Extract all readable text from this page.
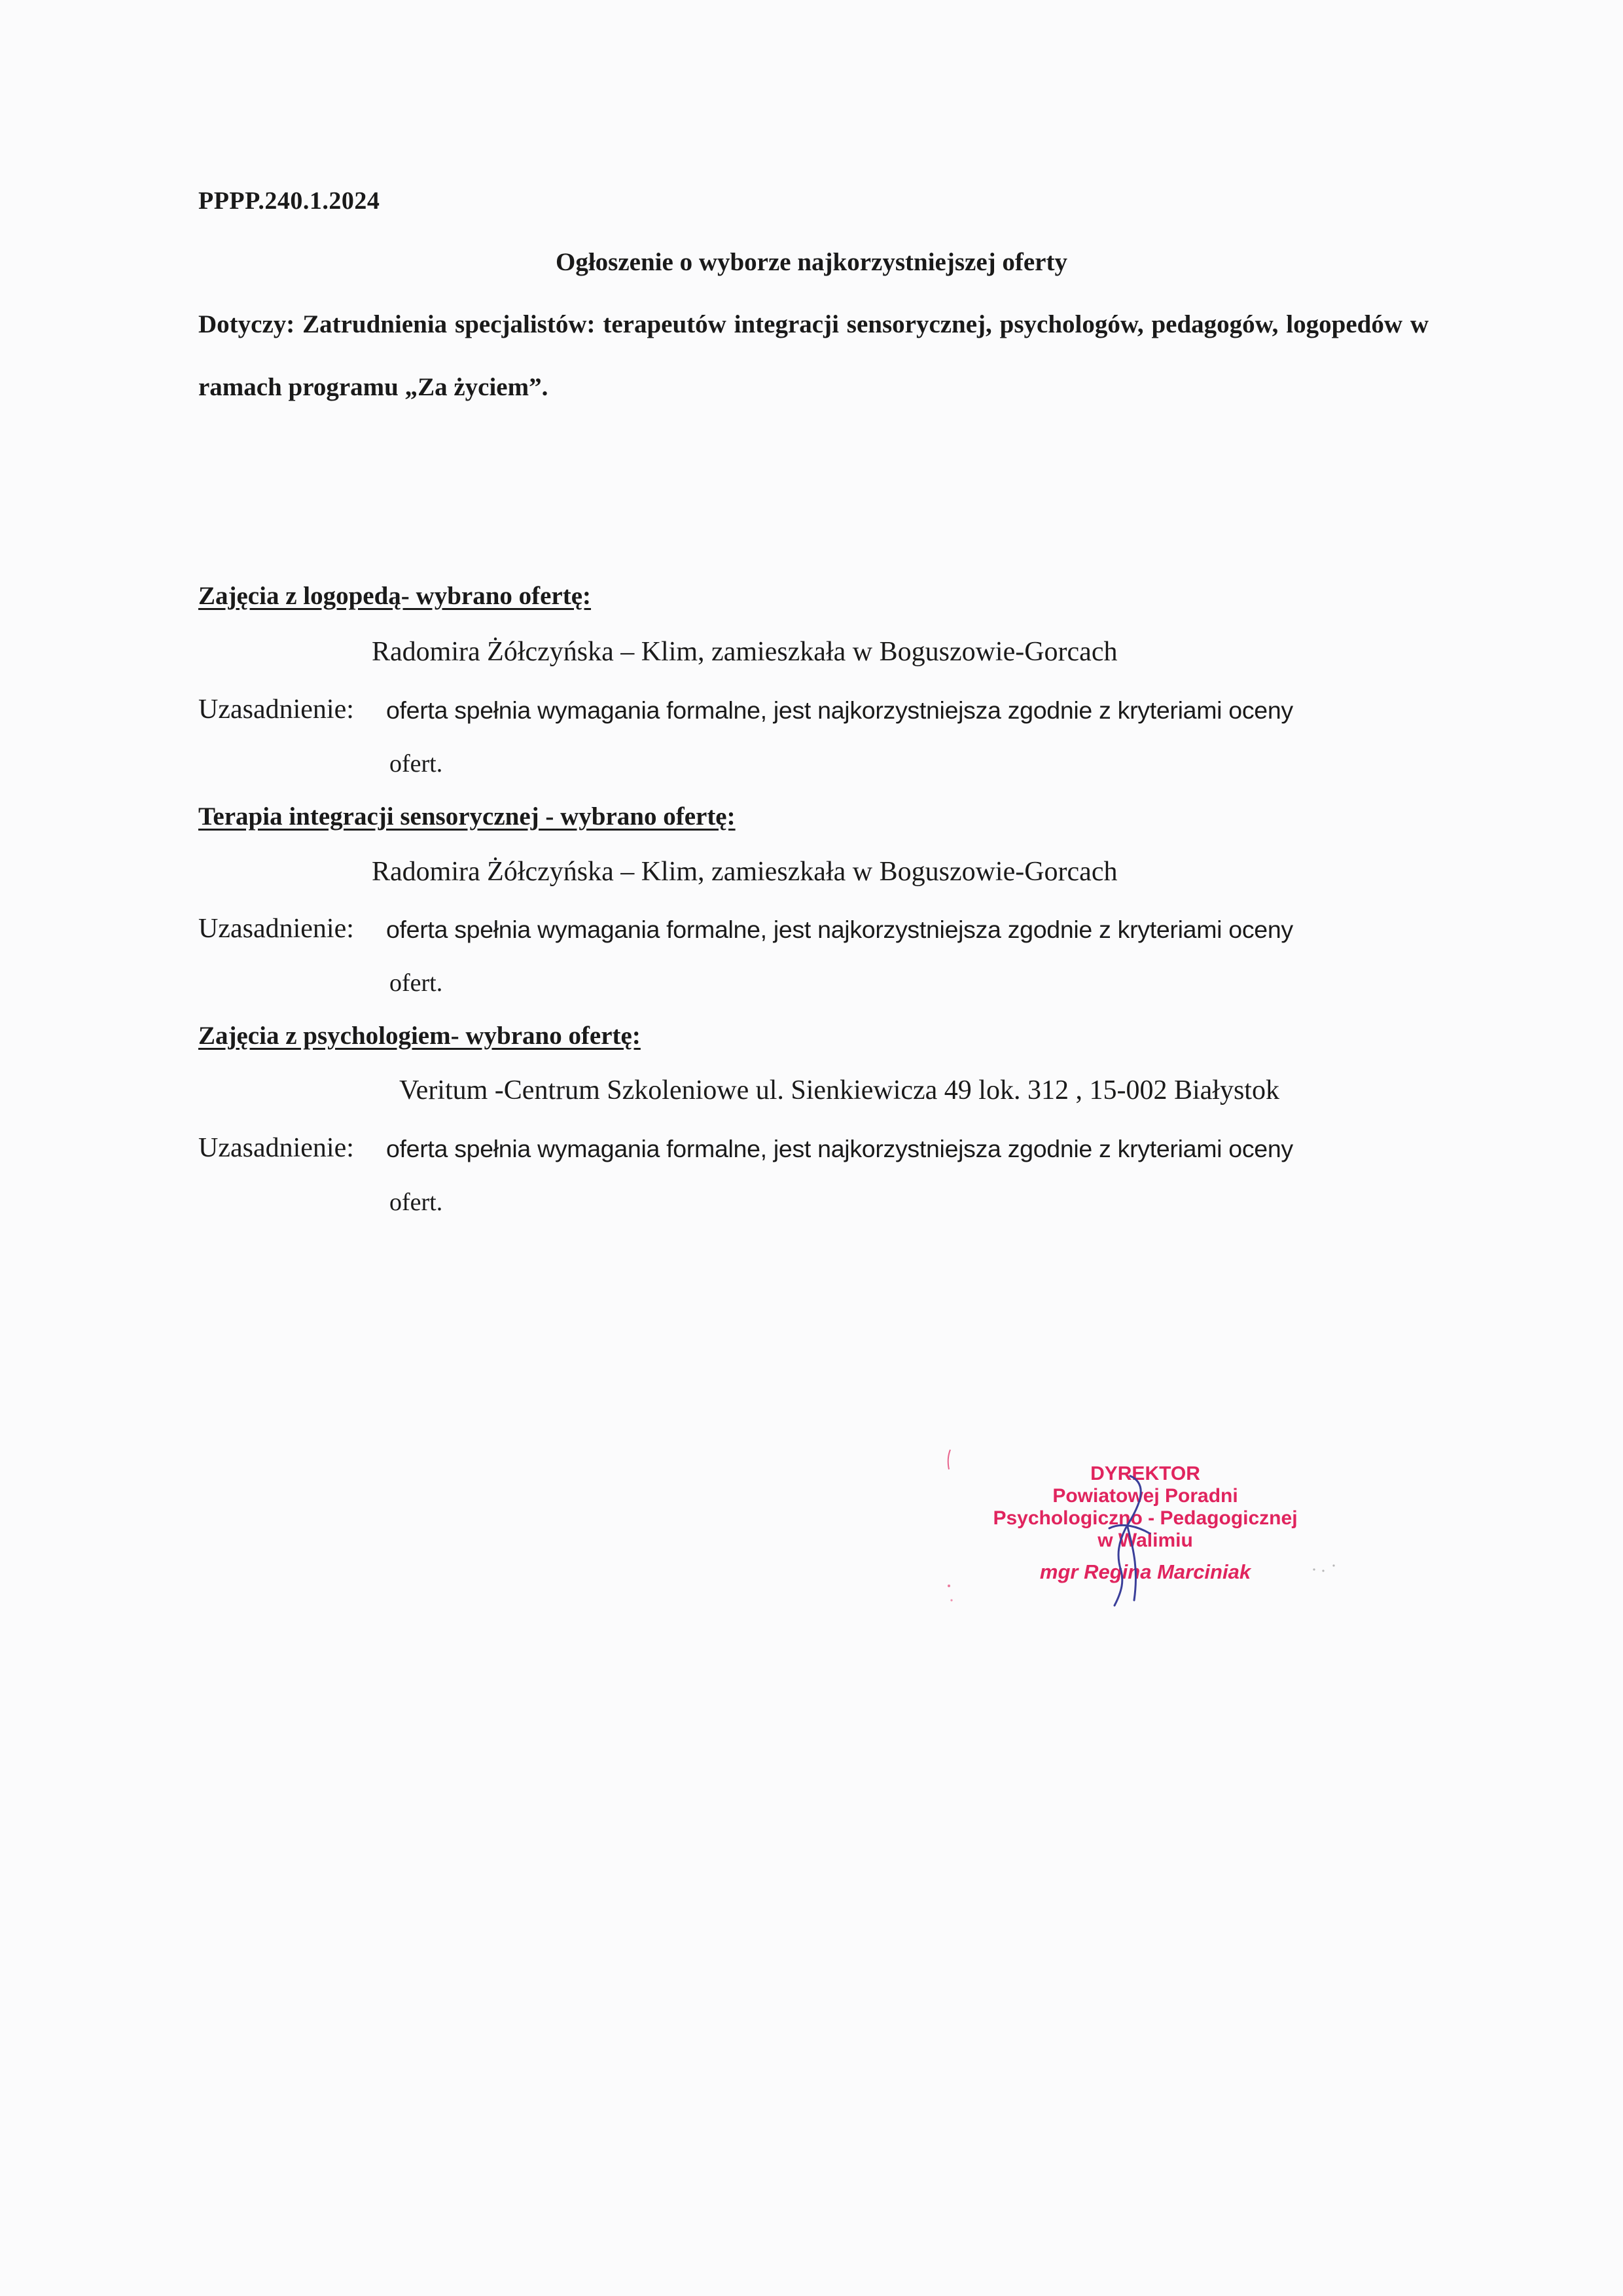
PPPP.240.1.2024
Ogłoszenie o wyborze najkorzystniejszej oferty
Dotyczy: Zatrudnienia specjalistów: terapeutów integracji sensorycznej, psychologów, pedagogów, logopedów w ramach programu „Za życiem”.
Zajęcia z logopedą- wybrano ofertę:
Radomira Żółczyńska – Klim, zamieszkała w Boguszowie-Gorcach
Uzasadnienie: oferta spełnia wymagania formalne, jest najkorzystniejsza zgodnie z kryteriami oceny
ofert.
Terapia integracji sensorycznej - wybrano ofertę:
Radomira Żółczyńska – Klim, zamieszkała w Boguszowie-Gorcach
Uzasadnienie: oferta spełnia wymagania formalne, jest najkorzystniejsza zgodnie z kryteriami oceny
ofert.
Zajęcia z psychologiem- wybrano ofertę:
Veritum -Centrum Szkoleniowe ul. Sienkiewicza 49 lok. 312 , 15-002 Białystok
Uzasadnienie: oferta spełnia wymagania formalne, jest najkorzystniejsza zgodnie z kryteriami oceny
ofert.
DYREKTOR
Powiatowej Poradni
Psychologiczno - Pedagogicznej
w Walimiu
mgr Regina Marciniak
